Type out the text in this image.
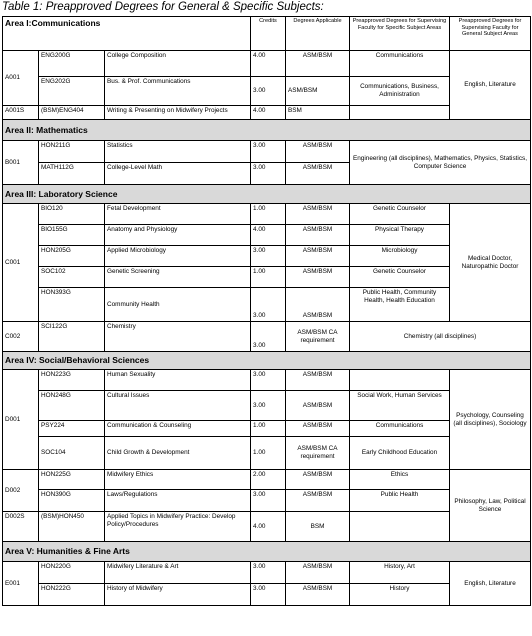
Table 1: Preapproved Degrees for General & Specific Subjects:
Area I:Communications			Credits	Degrees Applicable	Preapproved Degrees for Supervising Faculty for Specific Subject Areas	Preapproved Degrees for Supervising Faculty for General Subject Areas
A001	ENG200G	College Composition	4.00	ASM/BSM	Communications	English, Literature
	ENG202G	Bus. & Prof. Communications	3.00	ASM/BSM	Communications, Business, Administration	
A001S	(BSM)ENG404	Writing & Presenting on Midwifery Projects	4.00	BSM		
Area II: Mathematics						
B001	HON211G	Statistics	3.00	ASM/BSM	Engineering (all disciplines), Mathematics, Physics, Statistics, Computer Science	
	MATH112G	College-Level Math	3.00	ASM/BSM		
Area III: Laboratory Science						
C001	BIO120	Fetal Development	1.00	ASM/BSM	Genetic Counselor	Medical Doctor, Naturopathic Doctor
	BIO155G	Anatomy and Physiology	4.00	ASM/BSM	Physical Therapy	
	HON205G	Applied Microbiology	3.00	ASM/BSM	Microbiology	
	SOC102	Genetic Screening	1.00	ASM/BSM	Genetic Counselor	
	HON393G	Community Health	3.00	ASM/BSM	Public Health, Community Health, Health Education	
C002	SCI122G	Chemistry	3.00	ASM/BSM CA requirement	Chemistry (all disciplines)	
Area IV: Social/Behavioral Sciences						
D001	HON223G	Human Sexuality	3.00	ASM/BSM		Psychology, Counseling (all disciplines), Sociology
	HON248G	Cultural Issues	3.00	ASM/BSM	Social Work, Human Services	
	PSY224	Communication & Counseling	1.00	ASM/BSM	Communications	
	SOC104	Child Growth & Development	1.00	ASM/BSM CA requirement	Early Childhood Education	
D002	HON225G	Midwifery Ethics	2.00	ASM/BSM	Ethics	Philosophy, Law, Political Science
	HON390G	Laws/Regulations	3.00	ASM/BSM	Public Health	
D002S	(BSM)HON450	Applied Topics in Midwifery Practice: Develop Policy/Procedures	4.00	BSM		
Area V: Humanities & Fine Arts						
E001	HON220G	Midwifery Literature & Art	3.00	ASM/BSM	History, Art	English, Literature
	HON222G	History of Midwifery	3.00	ASM/BSM	History	
